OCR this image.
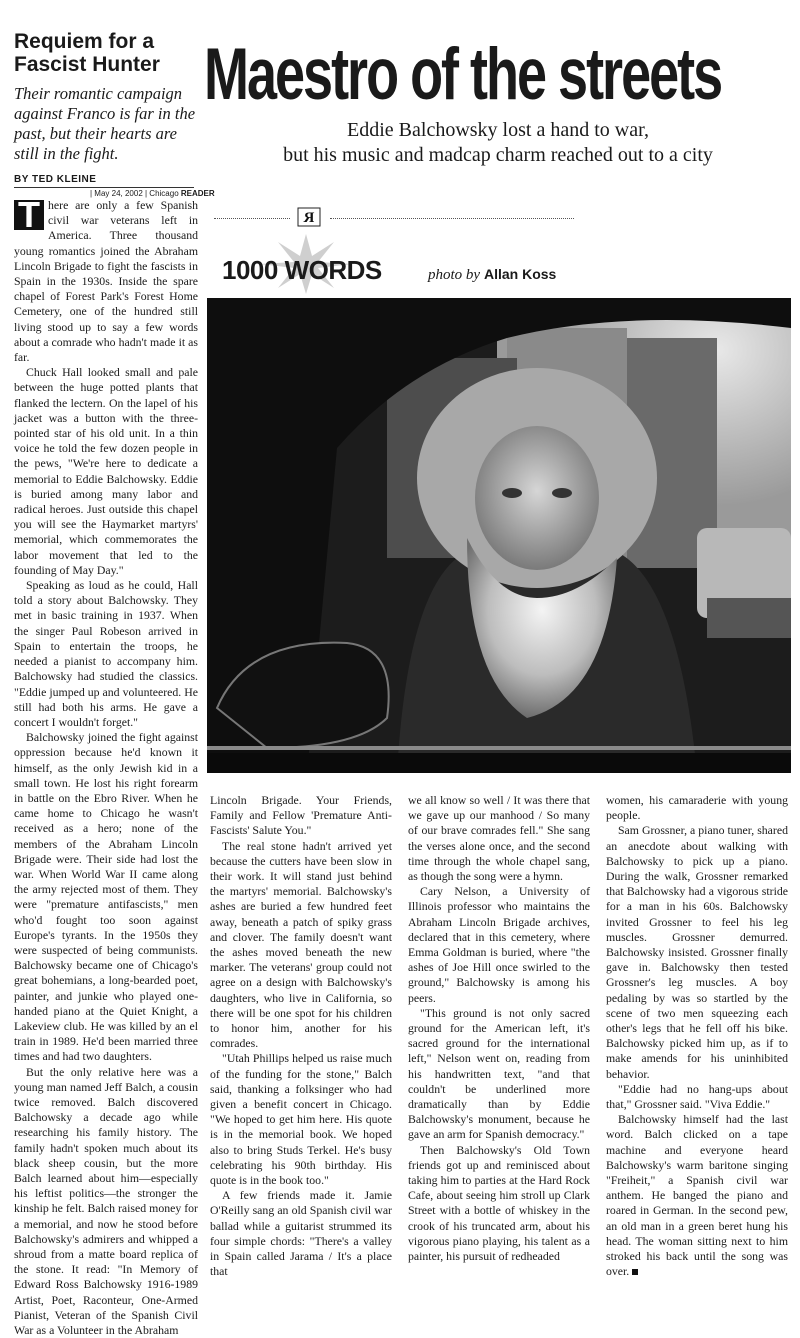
Requiem for a Fascist Hunter
Their romantic campaign against Franco is far in the past, but their hearts are still in the fight.
BY TED KLEINE
| May 24, 2002 | Chicago READER
Maestro of the streets
Eddie Balchowsky lost a hand to war,
but his music and madcap charm reached out to a city
R
1000 WORDS	photo by Allan Koss

T here are only a few Spanish civil war veterans left in America. Three thousand young romantics joined the Abraham Lincoln Brigade to fight the fascists in Spain in the 1930s. Inside the spare chapel of Forest Park's Forest Home Cemetery, one of the hundred still living stood up to say a few words about a comrade who hadn't made it as far.

Chuck Hall looked small and pale between the huge potted plants that flanked the lectern. On the lapel of his jacket was a button with the three-pointed star of his old unit. In a thin voice he told the few dozen people in the pews, "We're here to dedicate a memorial to Eddie Balchowsky. Eddie is buried among many labor and radical heroes. Just outside this chapel you will see the Haymarket martyrs' memorial, which commemorates the labor movement that led to the founding of May Day."

Speaking as loud as he could, Hall told a story about Balchowsky. They met in basic training in 1937. When the singer Paul Robeson arrived in Spain to entertain the troops, he needed a pianist to accompany him. Balchowsky had studied the classics. "Eddie jumped up and volunteered. He still had both his arms. He gave a concert I wouldn't forget."

Balchowsky joined the fight against oppression because he'd known it himself, as the only Jewish kid in a small town. He lost his right forearm in battle on the Ebro River. When he came home to Chicago he wasn't received as a hero; none of the members of the Abraham Lincoln Brigade were. Their side had lost the war. When World War II came along the army rejected most of them. They were "premature antifascists," men who'd fought too soon against Europe's tyrants. In the 1950s they were suspected of being communists. Balchowsky became one of Chicago's great bohemians, a long-bearded poet, painter, and junkie who played one-handed piano at the Quiet Knight, a Lakeview club. He was killed by an el train in 1989. He'd been married three times and had two daughters.

But the only relative here was a young man named Jeff Balch, a cousin twice removed. Balch discovered Balchowsky a decade ago while researching his family history. The family hadn't spoken much about its black sheep cousin, but the more Balch learned about him—especially his leftist politics—the stronger the kinship he felt. Balch raised money for a memorial, and now he stood before Balchowsky's admirers and whipped a shroud from a matte board replica of the stone. It read: "In Memory of Edward Ross Balchowsky 1916-1989 Artist, Poet, Raconteur, One-Armed Pianist, Veteran of the Spanish Civil War as a Volunteer in the Abraham

Lincoln Brigade. Your Friends, Family and Fellow 'Premature Anti-Fascists' Salute You."

The real stone hadn't arrived yet because the cutters have been slow in their work. It will stand just behind the martyrs' memorial. Balchowsky's ashes are buried a few hundred feet away, beneath a patch of spiky grass and clover. The family doesn't want the ashes moved beneath the new marker. The veterans' group could not agree on a design with Balchowsky's daughters, who live in California, so there will be one spot for his children to honor him, another for his comrades.

"Utah Phillips helped us raise much of the funding for the stone," Balch said, thanking a folksinger who had given a benefit concert in Chicago. "We hoped to get him here. His quote is in the memorial book. We hoped also to bring Studs Terkel. He's busy celebrating his 90th birthday. His quote is in the book too."

A few friends made it. Jamie O'Reilly sang an old Spanish civil war ballad while a guitarist strummed its four simple chords: "There's a valley in Spain called Jarama / It's a place that

we all know so well / It was there that we gave up our manhood / So many of our brave comrades fell." She sang the verses alone once, and the second time through the whole chapel sang, as though the song were a hymn.

Cary Nelson, a University of Illinois professor who maintains the Abraham Lincoln Brigade archives, declared that in this cemetery, where Emma Goldman is buried, where "the ashes of Joe Hill once swirled to the ground," Balchowsky is among his peers.

"This ground is not only sacred ground for the American left, it's sacred ground for the international left," Nelson went on, reading from his handwritten text, "and that couldn't be underlined more dramatically than by Eddie Balchowsky's monument, because he gave an arm for Spanish democracy."

Then Balchowsky's Old Town friends got up and reminisced about taking him to parties at the Hard Rock Cafe, about seeing him stroll up Clark Street with a bottle of whiskey in the crook of his truncated arm, about his vigorous piano playing, his talent as a painter, his pursuit of redheaded

women, his camaraderie with young people.

Sam Grossner, a piano tuner, shared an anecdote about walking with Balchowsky to pick up a piano. During the walk, Grossner remarked that Balchowsky had a vigorous stride for a man in his 60s. Balchowsky invited Grossner to feel his leg muscles. Grossner demurred. Balchowsky insisted. Grossner finally gave in. Balchowsky then tested Grossner's leg muscles. A boy pedaling by was so startled by the scene of two men squeezing each other's legs that he fell off his bike. Balchowsky picked him up, as if to make amends for his uninhibited behavior.

"Eddie had no hang-ups about that," Grossner said. "Viva Eddie."

Balchowsky himself had the last word. Balch clicked on a tape machine and everyone heard Balchowsky's warm baritone singing "Freiheit," a Spanish civil war anthem. He banged the piano and roared in German. In the second pew, an old man in a green beret hung his head. The woman sitting next to him stroked his back until the song was over.
